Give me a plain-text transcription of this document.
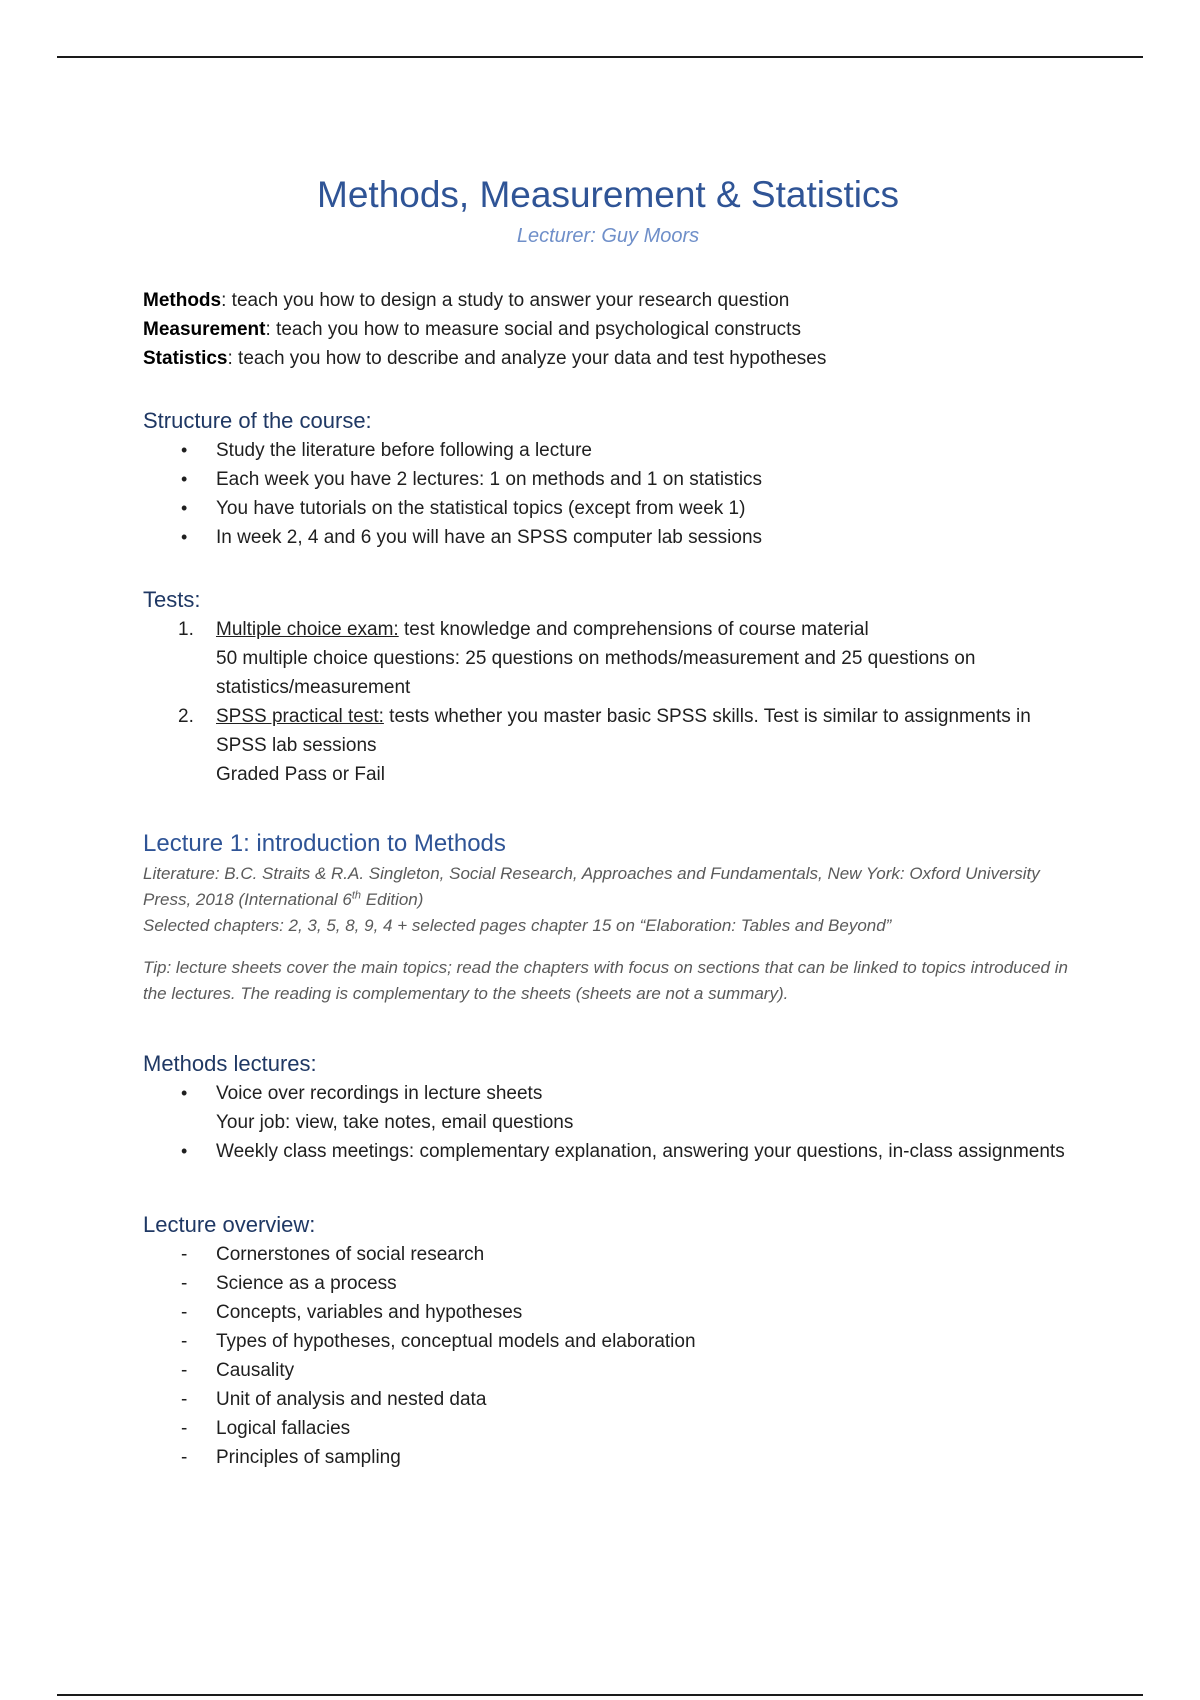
Methods, Measurement & Statistics
Lecturer: Guy Moors
Methods: teach you how to design a study to answer your research question
Measurement: teach you how to measure social and psychological constructs
Statistics: teach you how to describe and analyze your data and test hypotheses
Structure of the course:
• Study the literature before following a lecture
• Each week you have 2 lectures: 1 on methods and 1 on statistics
• You have tutorials on the statistical topics (except from week 1)
• In week 2, 4 and 6 you will have an SPSS computer lab sessions
Tests:
1. Multiple choice exam: test knowledge and comprehensions of course material
50 multiple choice questions: 25 questions on methods/measurement and 25 questions on statistics/measurement
2. SPSS practical test: tests whether you master basic SPSS skills. Test is similar to assignments in SPSS lab sessions
Graded Pass or Fail
Lecture 1: introduction to Methods
Literature: B.C. Straits & R.A. Singleton, Social Research, Approaches and Fundamentals, New York: Oxford University Press, 2018 (International 6th Edition)
Selected chapters: 2, 3, 5, 8, 9, 4 + selected pages chapter 15 on “Elaboration: Tables and Beyond”
Tip: lecture sheets cover the main topics; read the chapters with focus on sections that can be linked to topics introduced in the lectures. The reading is complementary to the sheets (sheets are not a summary).
Methods lectures:
• Voice over recordings in lecture sheets
Your job: view, take notes, email questions
• Weekly class meetings: complementary explanation, answering your questions, in-class assignments
Lecture overview:
- Cornerstones of social research
- Science as a process
- Concepts, variables and hypotheses
- Types of hypotheses, conceptual models and elaboration
- Causality
- Unit of analysis and nested data
- Logical fallacies
- Principles of sampling
